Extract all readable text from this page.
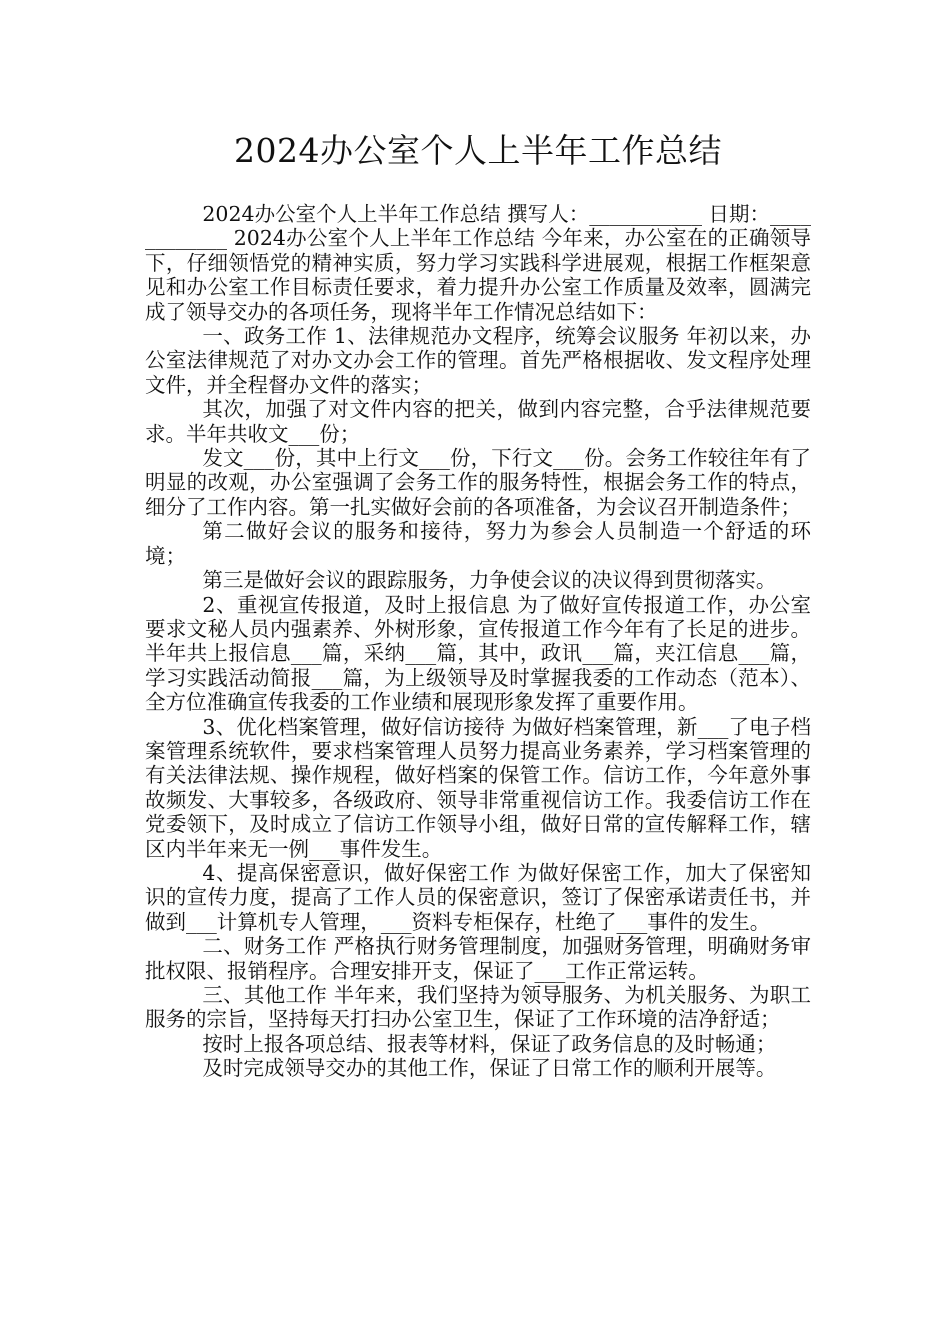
2024办公室个人上半年工作总结

2024办公室个人上半年工作总结 撰写人：___________ 日期：____________ 2024办公室个人上半年工作总结 今年来，办公室在的正确领导下，仔细领悟党的精神实质，努力学习实践科学进展观，根据工作框架意见和办公室工作目标责任要求，着力提升办公室工作质量及效率，圆满完成了领导交办的各项任务，现将半年工作情况总结如下：

一、政务工作 1、法律规范办文程序，统筹会议服务 年初以来，办公室法律规范了对办文办会工作的管理。首先严格根据收、发文程序处理文件，并全程督办文件的落实；

其次，加强了对文件内容的把关，做到内容完整，合乎法律规范要求。半年共收文___份；

发文___份，其中上行文___份，下行文___份。会务工作较往年有了明显的改观，办公室强调了会务工作的服务特性，根据会务工作的特点，细分了工作内容。第一扎实做好会前的各项准备，为会议召开制造条件；

第二做好会议的服务和接待，努力为参会人员制造一个舒适的环境；

第三是做好会议的跟踪服务，力争使会议的决议得到贯彻落实。

2、重视宣传报道，及时上报信息 为了做好宣传报道工作，办公室要求文秘人员内强素养、外树形象，宣传报道工作今年有了长足的进步。半年共上报信息___篇，采纳___篇，其中，政讯___篇，夹江信息___篇，学习实践活动简报___篇，为上级领导及时掌握我委的工作动态（范本）、全方位准确宣传我委的工作业绩和展现形象发挥了重要作用。

3、优化档案管理，做好信访接待 为做好档案管理，新___了电子档案管理系统软件，要求档案管理人员努力提高业务素养，学习档案管理的有关法律法规、操作规程，做好档案的保管工作。信访工作，今年意外事故频发、大事较多，各级政府、领导非常重视信访工作。我委信访工作在党委领下，及时成立了信访工作领导小组，做好日常的宣传解释工作，辖区内半年来无一例___事件发生。

4、提高保密意识，做好保密工作 为做好保密工作，加大了保密知识的宣传力度，提高了工作人员的保密意识，签订了保密承诺责任书，并做到___计算机专人管理，___资料专柜保存，杜绝了___事件的发生。

二、财务工作 严格执行财务管理制度，加强财务管理，明确财务审批权限、报销程序。合理安排开支，保证了___工作正常运转。

三、其他工作 半年来，我们坚持为领导服务、为机关服务、为职工服务的宗旨，坚持每天打扫办公室卫生，保证了工作环境的洁净舒适；

按时上报各项总结、报表等材料，保证了政务信息的及时畅通；

及时完成领导交办的其他工作，保证了日常工作的顺利开展等。
